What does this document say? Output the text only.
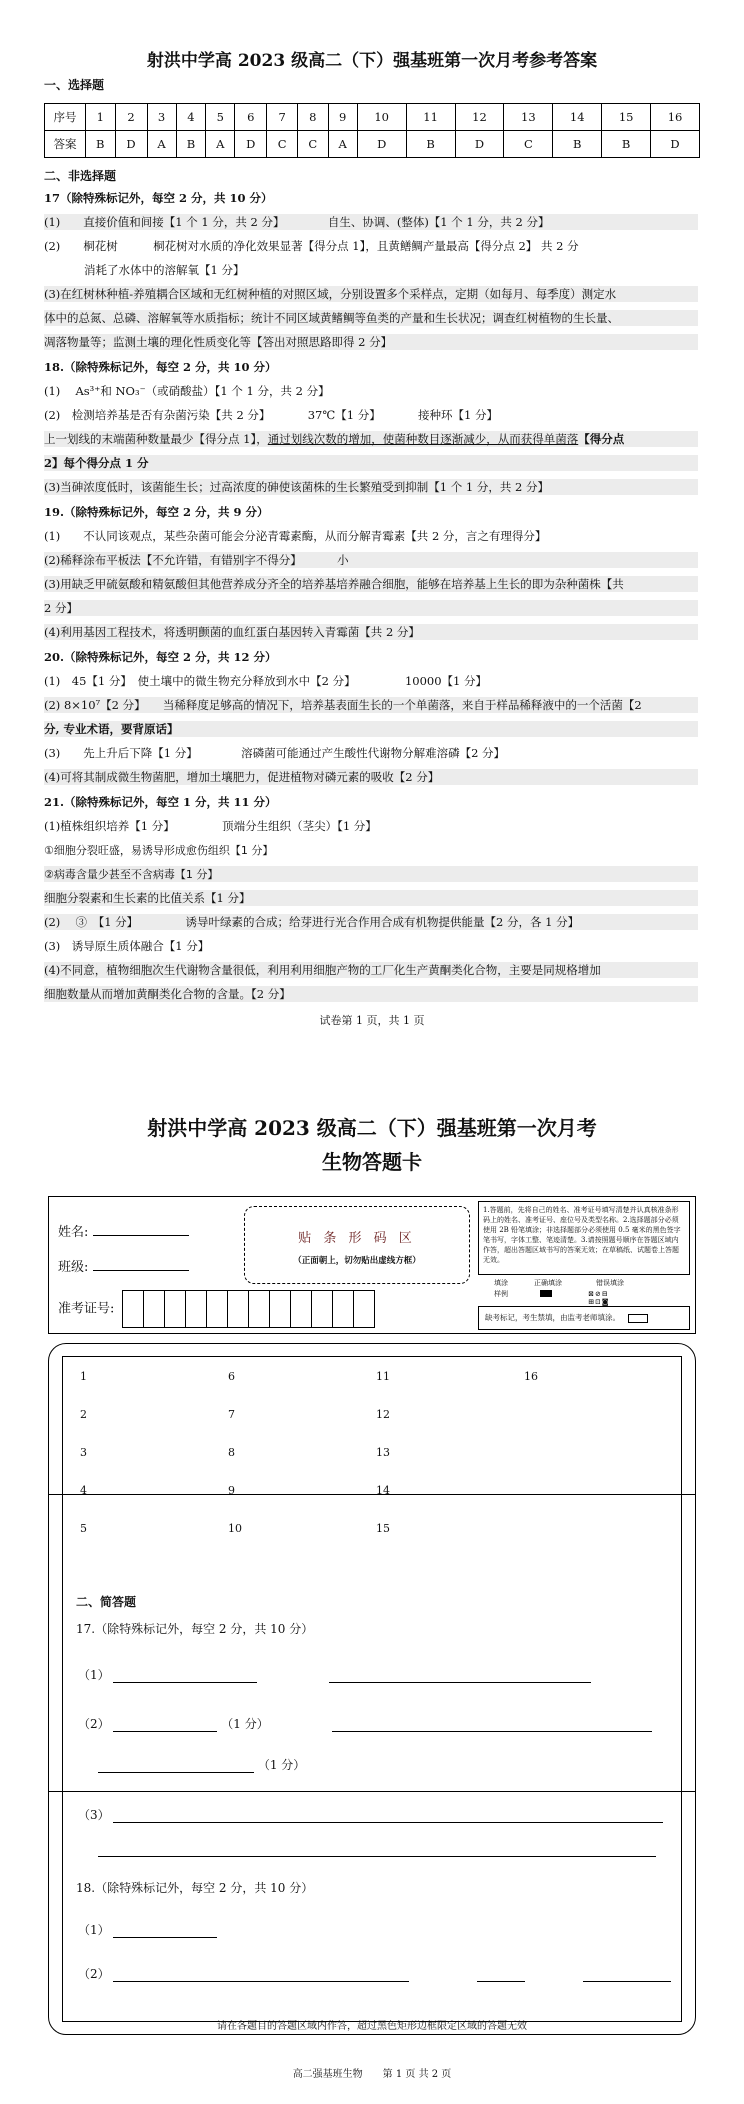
射洪中学高 2023 级高二（下）强基班第一次月考参考答案
一、选择题
序号	1	2	3	4	5	6	7	8	9	10	11	12	13	14	15	16
答案	B	D	A	B	A	D	C	C	A	D	B	D	C	B	B	D
二、非选择题
17（除特殊标记外，每空 2 分，共 10 分）
(1)　　直接价值和间接【1 个 1 分，共 2 分】	自生、协调、(整体)【1 个 1 分，共 2 分】
(2)　　桐花树	桐花树对水质的净化效果显著【得分点 1】，且黄鳝鲷产量最高【得分点 2】 共 2 分
消耗了水体中的溶解氧【1 分】
(3)在红树林种植-养殖耦合区域和无红树种植的对照区域，分别设置多个采样点，定期（如每月、每季度）测定水
体中的总氮、总磷、溶解氧等水质指标；统计不同区域黄鳍鲷等鱼类的产量和生长状况；调查红树植物的生长量、
凋落物量等；监测土壤的理化性质变化等【答出对照思路即得 2 分】
18.（除特殊标记外，每空 2 分，共 10 分）
(1)　 As³⁺和 NO₃⁻（或硝酸盐）【1 个 1 分，共 2 分】
(2)　检测培养基是否有杂菌污染【共 2 分】	37℃【1 分】	接种环【1 分】
上一划线的末端菌种数量最少【得分点 1】，通过划线次数的增加，使菌种数目逐渐减少，从而获得单菌落【得分点
2】每个得分点 1 分
(3)当砷浓度低时，该菌能生长；过高浓度的砷使该菌株的生长繁殖受到抑制【1 个 1 分，共 2 分】
19.（除特殊标记外，每空 2 分，共 9 分）
(1)　　不认同该观点，某些杂菌可能会分泌青霉素酶，从而分解青霉素【共 2 分，言之有理得分】
(2)稀释涂布平板法【不允许错，有错别字不得分】	小
(3)用缺乏甲硫氨酸和精氨酸但其他营养成分齐全的培养基培养融合细胞，能够在培养基上生长的即为杂种菌株【共
2 分】
(4)利用基因工程技术，将透明颤菌的血红蛋白基因转入青霉菌【共 2 分】
20.（除特殊标记外，每空 2 分，共 12 分）
(1)　45【1 分】　使土壤中的微生物充分释放到水中【2 分】	10000【1 分】
(2) 8×10⁷【2 分】　　当稀释度足够高的情况下，培养基表面生长的一个单菌落，来自于样品稀释液中的一个活菌【2
分, 专业术语，要背原话】
(3)　　先上升后下降【1 分】	溶磷菌可能通过产生酸性代谢物分解难溶磷【2 分】
(4)可将其制成微生物菌肥，增加土壤肥力，促进植物对磷元素的吸收【2 分】
21.（除特殊标记外，每空 1 分，共 11 分）
(1)植株组织培养【1 分】	顶端分生组织（茎尖）【1 分】
①细胞分裂旺盛，易诱导形成愈伤组织【1 分】
②病毒含量少甚至不含病毒【1 分】
细胞分裂素和生长素的比值关系【1 分】
(2)　 ③　【1 分】	诱导叶绿素的合成；给芽进行光合作用合成有机物提供能量【2 分，各 1 分】
(3)　诱导原生质体融合【1 分】
(4)不同意，植物细胞次生代谢物含量很低，利用利用细胞产物的工厂化生产黄酮类化合物，主要是同规格增加
细胞数量从而增加黄酮类化合物的含量。【2 分】
试卷第 1 页，共 1 页
射洪中学高 2023 级高二（下）强基班第一次月考
生物答题卡
姓名:
班级:
准考证号:
贴 条 形 码 区
（正面朝上，切勿贴出虚线方框）
1.答题前，先将自己的姓名、准考证号填写清楚并认真核准条形码上的姓名、准考证号、座位号及类型名称。2.选择题部分必须使用 2B 铅笔填涂；非选择题部分必须使用 0.5 毫米的黑色签字笔书写，字体工整、笔迹清楚。3.请按照题号顺序在答题区域内作答，超出答题区域书写的答案无效；在草稿纸、试题卷上答题无效。
填涂
样例
正确填涂	错误填涂
⊠⊘⊟
⊞⊡◙
缺考标记，考生禁填，由监考老师填涂。
1
2
3
4
5
6
7
8
9
10
11
12
13
14
15
16
二、简答题
17.（除特殊标记外，每空 2 分，共 10 分）
（1）
（2）	（1 分）
（1 分）
（3）
18.（除特殊标记外，每空 2 分，共 10 分）
（1）
（2）
请在各题目的答题区域内作答，超过黑色矩形边框限定区域的答题无效
高二强基班生物　　第 1 页 共 2 页
